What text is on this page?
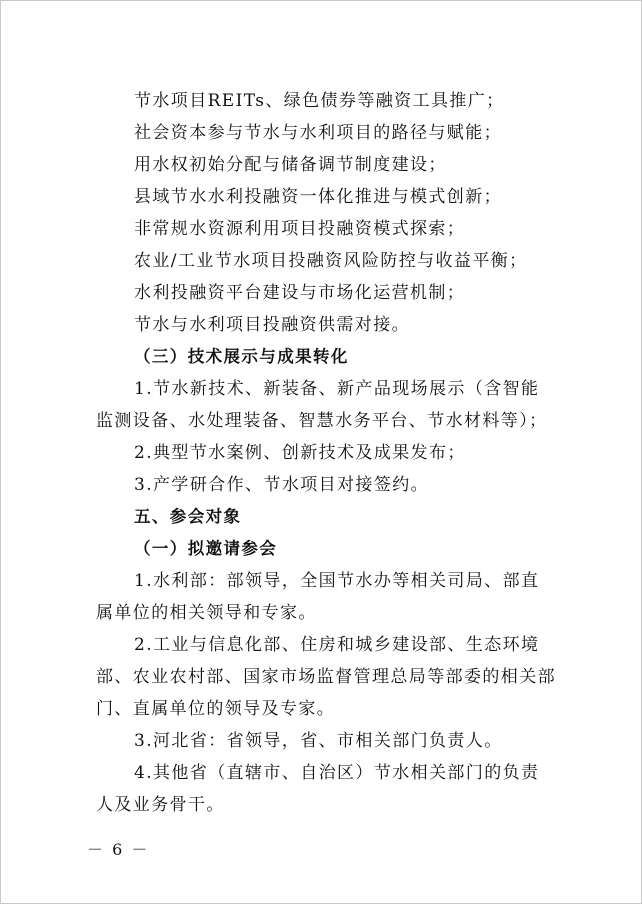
节水项目REITs、绿色债券等融资工具推广；

社会资本参与节水与水利项目的路径与赋能；

用水权初始分配与储备调节制度建设；

县域节水水利投融资一体化推进与模式创新；

非常规水资源利用项目投融资模式探索；

农业/工业节水项目投融资风险防控与收益平衡；

水利投融资平台建设与市场化运营机制；

节水与水利项目投融资供需对接。

（三）技术展示与成果转化

1.节水新技术、新装备、新产品现场展示（含智能监测设备、水处理装备、智慧水务平台、节水材料等）；

2.典型节水案例、创新技术及成果发布；

3.产学研合作、节水项目对接签约。

五、参会对象

（一）拟邀请参会

1.水利部：部领导，全国节水办等相关司局、部直属单位的相关领导和专家。

2.工业与信息化部、住房和城乡建设部、生态环境部、农业农村部、国家市场监督管理总局等部委的相关部门、直属单位的领导及专家。

3.河北省：省领导，省、市相关部门负责人。

4.其他省（直辖市、自治区）节水相关部门的负责人及业务骨干。

－ 6 －
